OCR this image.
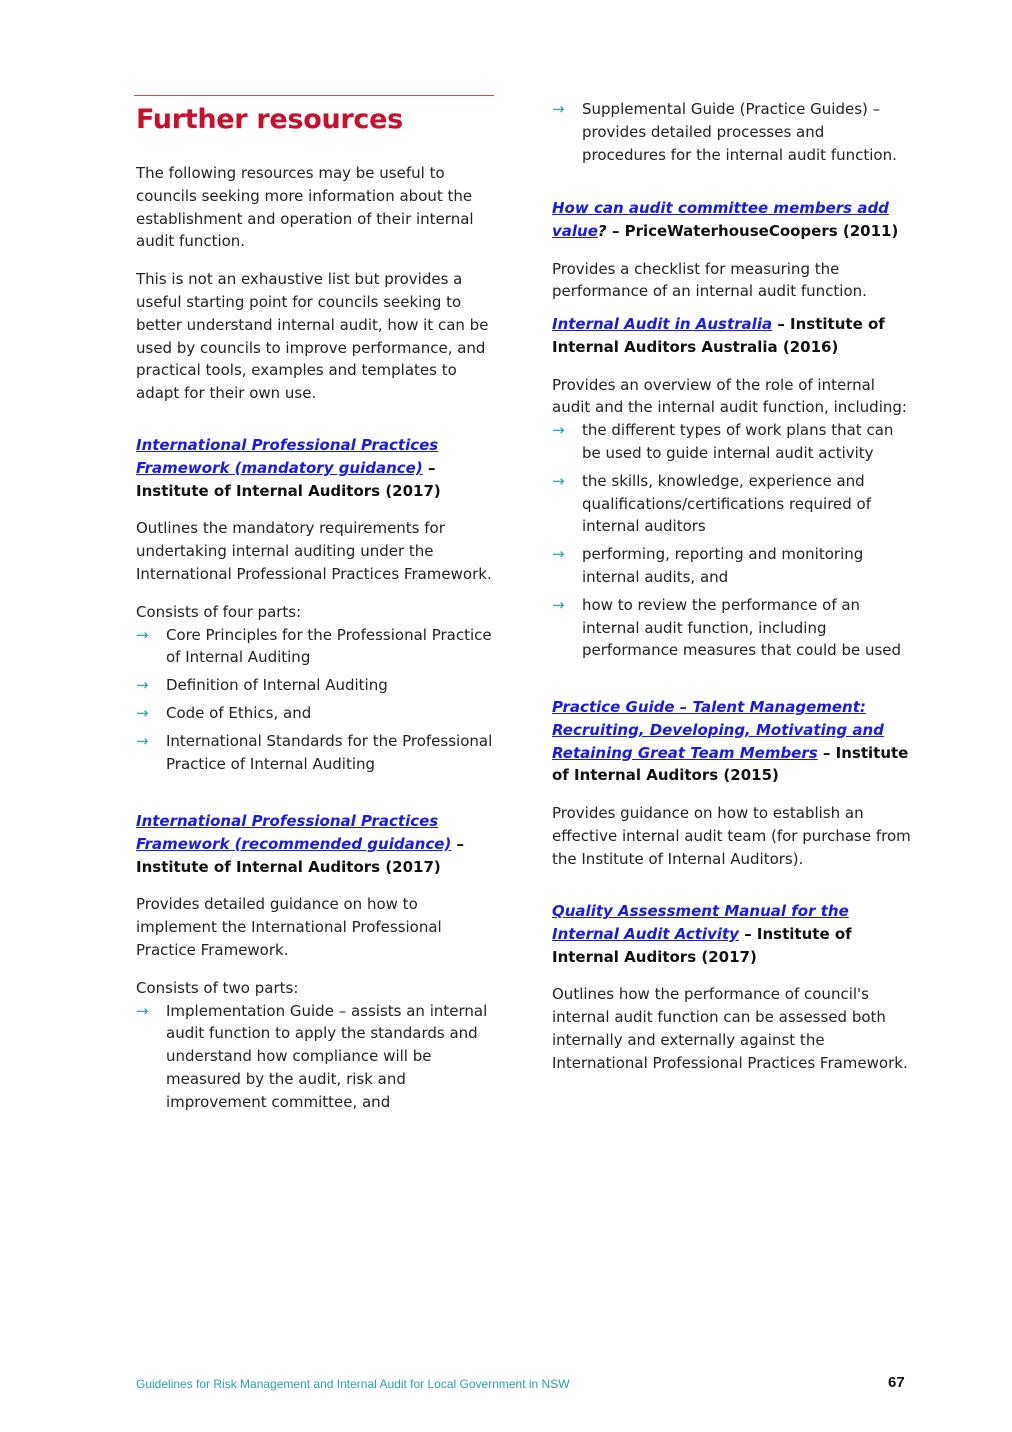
Further resources

The following resources may be useful to councils seeking more information about the establishment and operation of their internal audit function.

This is not an exhaustive list but provides a useful starting point for councils seeking to better understand internal audit, how it can be used by councils to improve performance, and practical tools, examples and templates to adapt for their own use.

International Professional Practices Framework (mandatory guidance) – Institute of Internal Auditors (2017)

Outlines the mandatory requirements for undertaking internal auditing under the International Professional Practices Framework.

Consists of four parts:

→ Core Principles for the Professional Practice of Internal Auditing
→ Definition of Internal Auditing
→ Code of Ethics, and
→ International Standards for the Professional Practice of Internal Auditing
International Professional Practices Framework (recommended guidance) – Institute of Internal Auditors (2017)

Provides detailed guidance on how to implement the International Professional Practice Framework.

Consists of two parts:

→ Implementation Guide – assists an internal audit function to apply the standards and understand how compliance will be measured by the audit, risk and improvement committee, and
→ Supplemental Guide (Practice Guides) – provides detailed processes and procedures for the internal audit function.
How can audit committee members add value? – PriceWaterhouseCoopers (2011)

Provides a checklist for measuring the performance of an internal audit function.

Internal Audit in Australia – Institute of Internal Auditors Australia (2016)

Provides an overview of the role of internal audit and the internal audit function, including:

→ the different types of work plans that can be used to guide internal audit activity
→ the skills, knowledge, experience and qualifications/certifications required of internal auditors
→ performing, reporting and monitoring internal audits, and
→ how to review the performance of an internal audit function, including performance measures that could be used
Practice Guide – Talent Management: Recruiting, Developing, Motivating and Retaining Great Team Members – Institute of Internal Auditors (2015)

Provides guidance on how to establish an effective internal audit team (for purchase from the Institute of Internal Auditors).

Quality Assessment Manual for the Internal Audit Activity – Institute of Internal Auditors (2017)

Outlines how the performance of council's internal audit function can be assessed both internally and externally against the International Professional Practices Framework.

Guidelines for Risk Management and Internal Audit for Local Government in NSW	67
